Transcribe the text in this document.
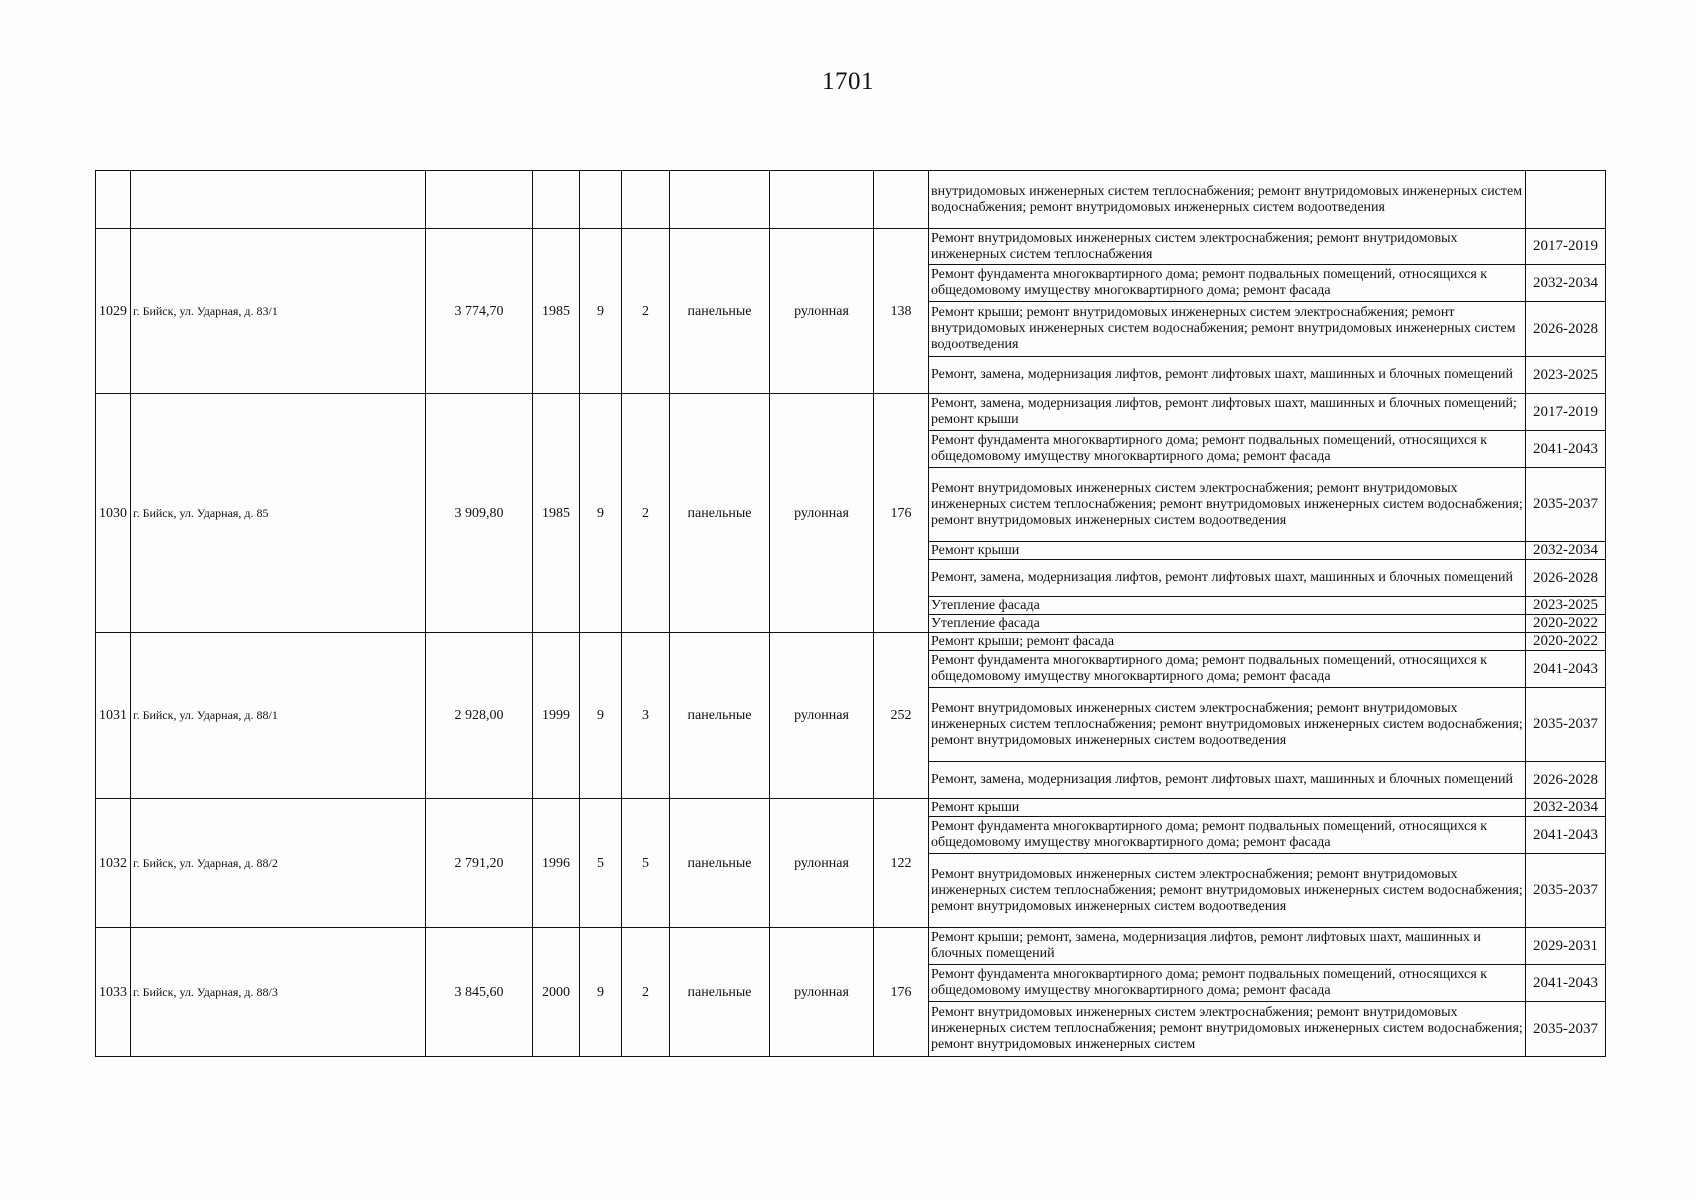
1701
									внутридомовых инженерных систем теплоснабжения; ремонт внутридомовых инженерных систем водоснабжения; ремонт внутридомовых инженерных систем водоотведения	
1029	г. Бийск, ул. Ударная, д. 83/1	3 774,70	1985	9	2	панельные	рулонная	138	Ремонт внутридомовых инженерных систем электроснабжения; ремонт внутридомовых инженерных систем теплоснабжения	2017-2019
									Ремонт фундамента многоквартирного дома; ремонт подвальных помещений, относящихся к общедомовому имуществу многоквартирного дома; ремонт фасада	2032-2034
									Ремонт крыши; ремонт внутридомовых инженерных систем электроснабжения; ремонт внутридомовых инженерных систем водоснабжения; ремонт внутридомовых инженерных систем водоотведения	2026-2028
									Ремонт, замена, модернизация лифтов, ремонт лифтовых шахт, машинных и блочных помещений	2023-2025
1030	г. Бийск, ул. Ударная, д. 85	3 909,80	1985	9	2	панельные	рулонная	176	Ремонт, замена, модернизация лифтов, ремонт лифтовых шахт, машинных и блочных помещений; ремонт крыши	2017-2019
									Ремонт фундамента многоквартирного дома; ремонт подвальных помещений, относящихся к общедомовому имуществу многоквартирного дома; ремонт фасада	2041-2043
									Ремонт внутридомовых инженерных систем электроснабжения; ремонт внутридомовых инженерных систем теплоснабжения; ремонт внутридомовых инженерных систем водоснабжения; ремонт внутридомовых инженерных систем водоотведения	2035-2037
									Ремонт крыши	2032-2034
									Ремонт, замена, модернизация лифтов, ремонт лифтовых шахт, машинных и блочных помещений	2026-2028
									Утепление фасада	2023-2025
									Утепление фасада	2020-2022
1031	г. Бийск, ул. Ударная, д. 88/1	2 928,00	1999	9	3	панельные	рулонная	252	Ремонт крыши; ремонт фасада	2020-2022
									Ремонт фундамента многоквартирного дома; ремонт подвальных помещений, относящихся к общедомовому имуществу многоквартирного дома; ремонт фасада	2041-2043
									Ремонт внутридомовых инженерных систем электроснабжения; ремонт внутридомовых инженерных систем теплоснабжения; ремонт внутридомовых инженерных систем водоснабжения; ремонт внутридомовых инженерных систем водоотведения	2035-2037
									Ремонт, замена, модернизация лифтов, ремонт лифтовых шахт, машинных и блочных помещений	2026-2028
1032	г. Бийск, ул. Ударная, д. 88/2	2 791,20	1996	5	5	панельные	рулонная	122	Ремонт крыши	2032-2034
									Ремонт фундамента многоквартирного дома; ремонт подвальных помещений, относящихся к общедомовому имуществу многоквартирного дома; ремонт фасада	2041-2043
									Ремонт внутридомовых инженерных систем электроснабжения; ремонт внутридомовых инженерных систем теплоснабжения; ремонт внутридомовых инженерных систем водоснабжения; ремонт внутридомовых инженерных систем водоотведения	2035-2037
1033	г. Бийск, ул. Ударная, д. 88/3	3 845,60	2000	9	2	панельные	рулонная	176	Ремонт крыши; ремонт, замена, модернизация лифтов, ремонт лифтовых шахт, машинных и блочных помещений	2029-2031
									Ремонт фундамента многоквартирного дома; ремонт подвальных помещений, относящихся к общедомовому имуществу многоквартирного дома; ремонт фасада	2041-2043
									Ремонт внутридомовых инженерных систем электроснабжения; ремонт внутридомовых инженерных систем теплоснабжения; ремонт внутридомовых инженерных систем водоснабжения; ремонт внутридомовых инженерных систем	2035-2037
